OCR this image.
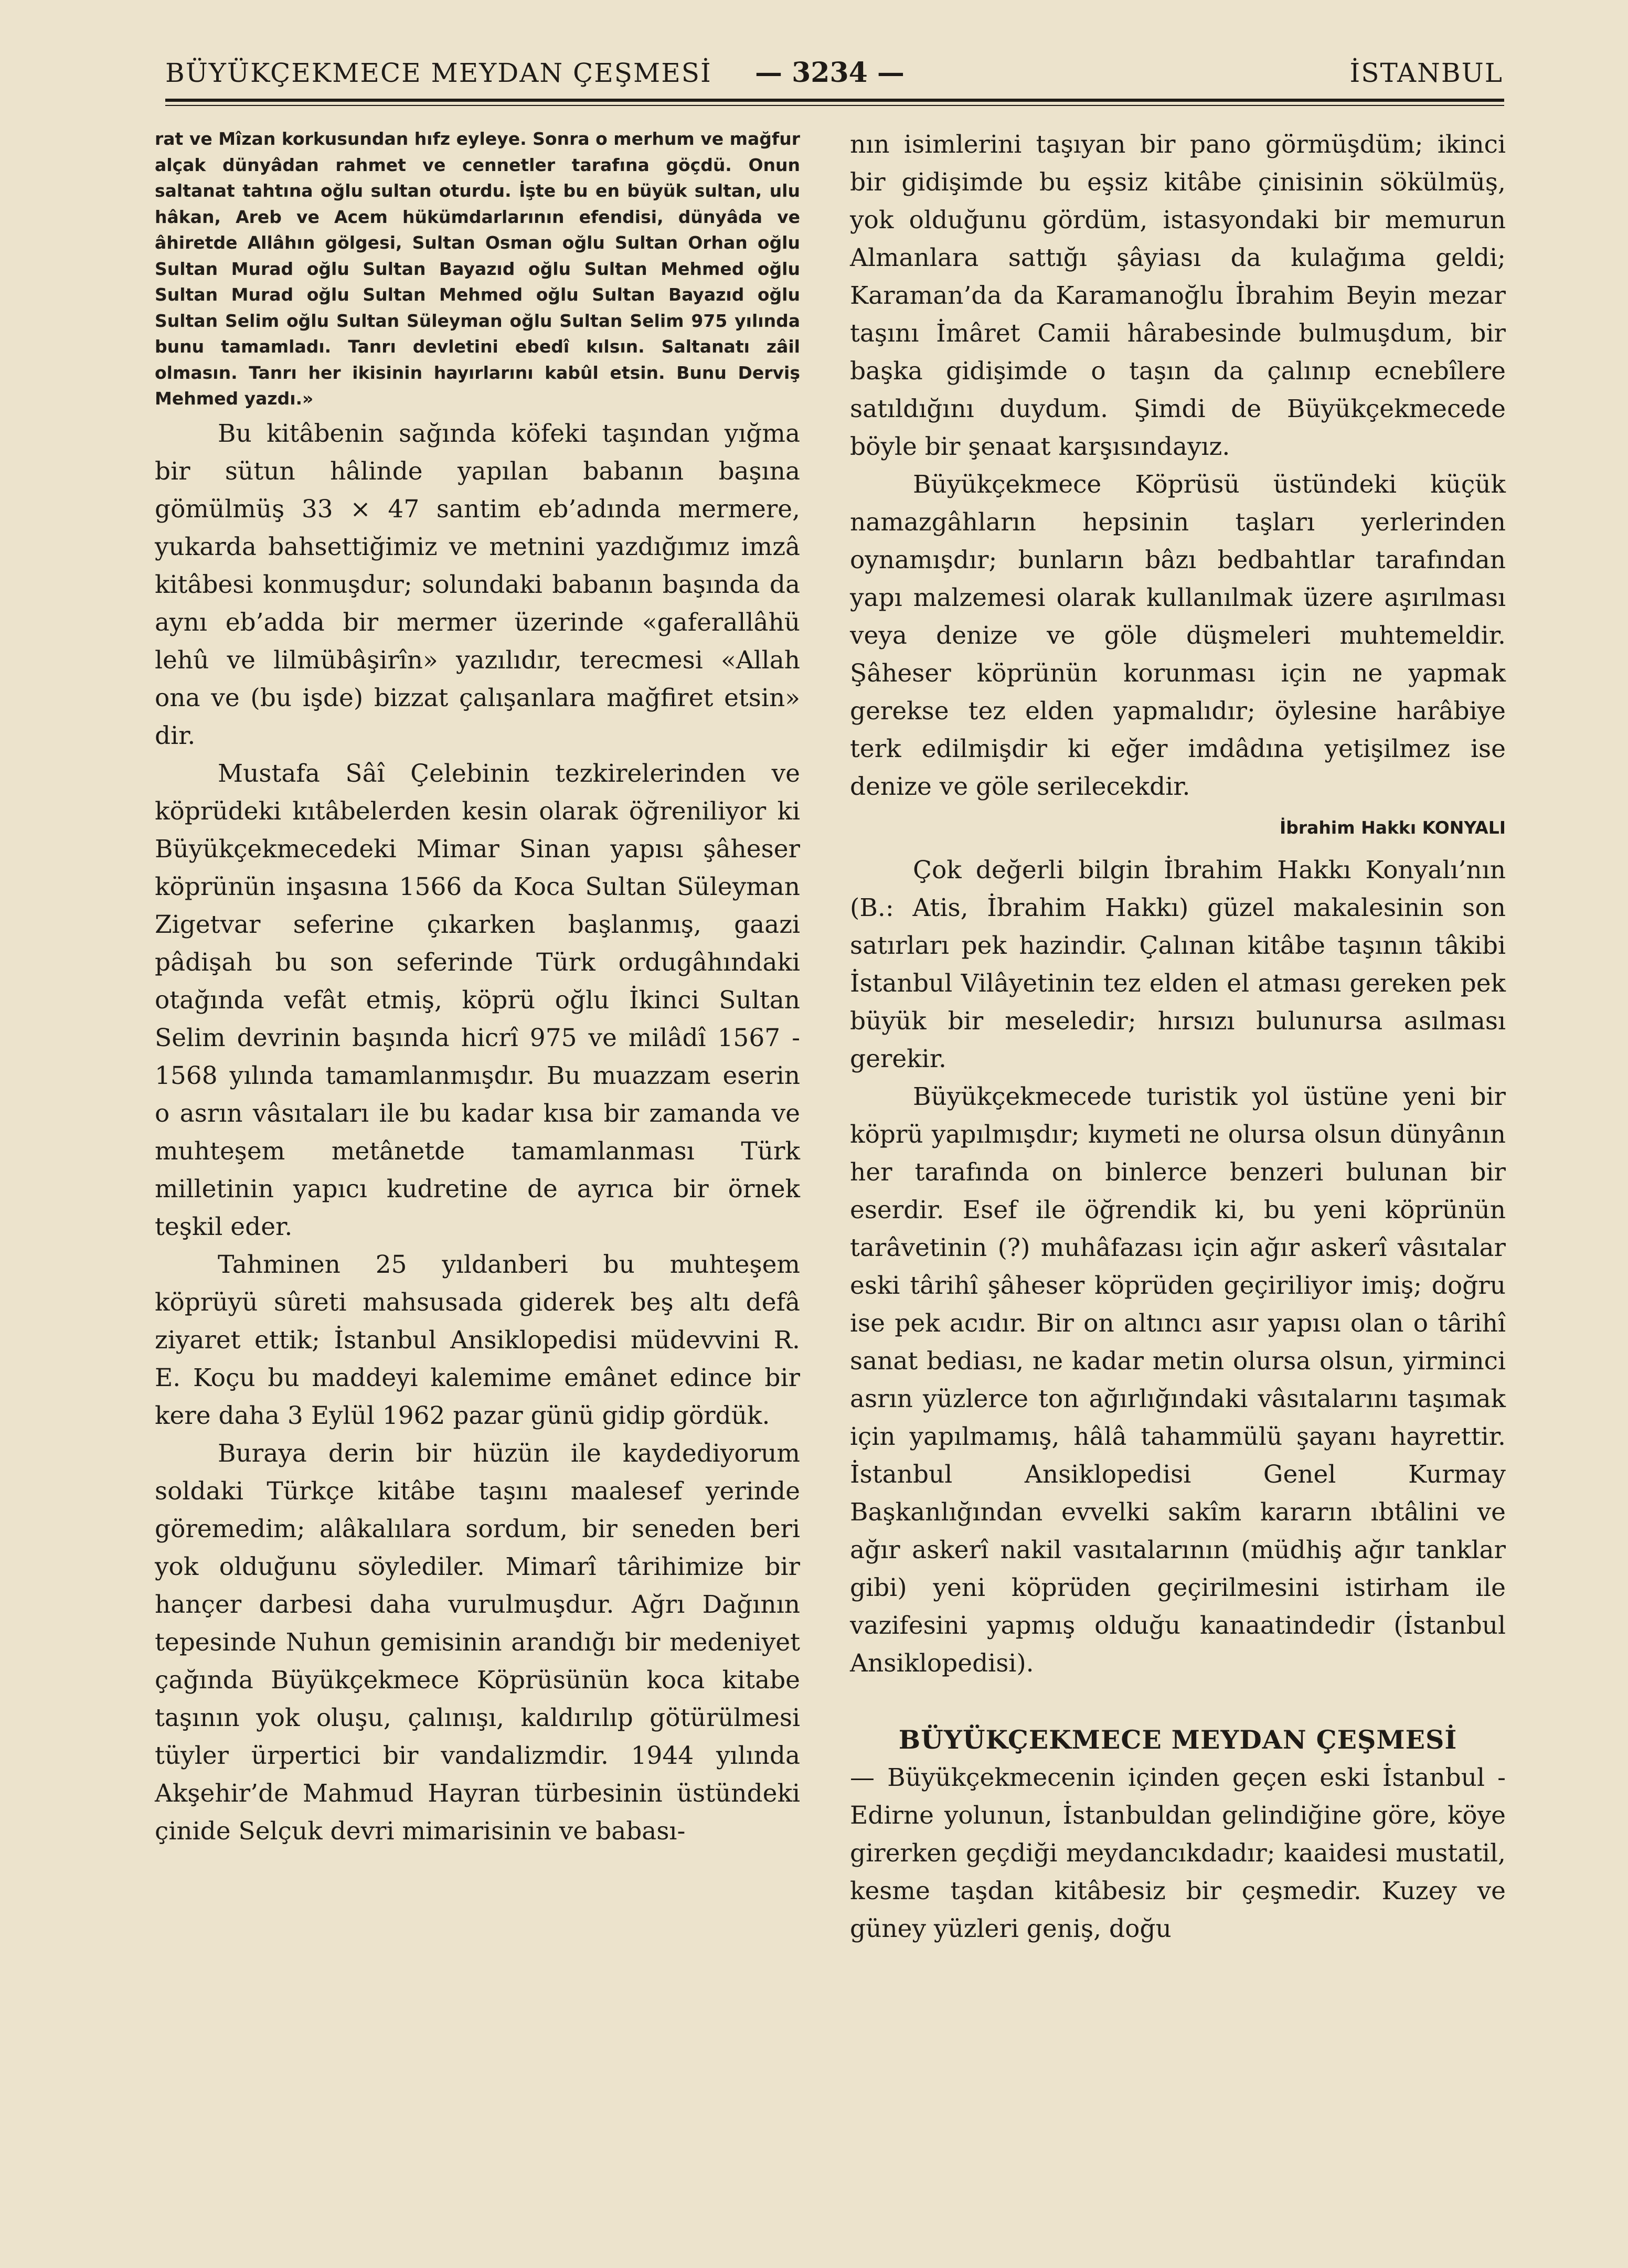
BÜYÜKÇEKMECE MEYDAN ÇEŞMESİ — 3234 —	İSTANBUL

rat ve Mîzan korkusundan hıfz eyleye. Sonra o merhum ve mağfur alçak dünyâdan rahmet ve cennetler tarafına göçdü. Onun saltanat tahtına oğlu sultan oturdu. İşte bu en büyük sultan, ulu hâkan, Areb ve Acem hükümdarlarının efendisi, dünyâda ve âhiretde Allâhın gölgesi, Sultan Osman oğlu Sultan Orhan oğlu Sultan Murad oğlu Sultan Bayazıd oğlu Sultan Mehmed oğlu Sultan Murad oğlu Sultan Mehmed oğlu Sultan Bayazıd oğlu Sultan Selim oğlu Sultan Süleyman oğlu Sultan Selim 975 yılında bunu tamamladı. Tanrı devletini ebedî kılsın. Saltanatı zâil olmasın. Tanrı her ikisinin hayırlarını kabûl etsin. Bunu Derviş Mehmed yazdı.»

Bu kitâbenin sağında köfeki taşından yığma bir sütun hâlinde yapılan babanın başına gömülmüş 33 × 47 santim eb’adında mermere, yukarda bahsettiğimiz ve metnini yazdığımız imzâ kitâbesi konmuşdur; solundaki babanın başında da aynı eb’adda bir mermer üzerinde «gaferallâhü lehû ve lilmübâşirîn» yazılıdır, terecmesi «Allah ona ve (bu işde) bizzat çalışanlara mağfiret etsin» dir.

Mustafa Sâî Çelebinin tezkirelerinden ve köprüdeki kıtâbelerden kesin olarak öğreniliyor ki Büyükçekmecedeki Mimar Sinan yapısı şâheser köprünün inşasına 1566 da Koca Sultan Süleyman Zigetvar seferine çıkarken başlanmış, gaazi pâdişah bu son seferinde Türk ordugâhındaki otağında vefât etmiş, köprü oğlu İkinci Sultan Selim devrinin başında hicrî 975 ve milâdî 1567 - 1568 yılında tamamlanmışdır. Bu muazzam eserin o asrın vâsıtaları ile bu kadar kısa bir zamanda ve muhteşem metânetde tamamlanması Türk milletinin yapıcı kudretine de ayrıca bir örnek teşkil eder.

Tahminen 25 yıldanberi bu muhteşem köprüyü sûreti mahsusada giderek beş altı defâ ziyaret ettik; İstanbul Ansiklopedisi müdevvini R. E. Koçu bu maddeyi kalemime emânet edince bir kere daha 3 Eylül 1962 pazar günü gidip gördük.

Buraya derin bir hüzün ile kaydediyorum soldaki Türkçe kitâbe taşını maalesef yerinde göremedim; alâkalılara sordum, bir seneden beri yok olduğunu söylediler. Mimarî târihimize bir hançer darbesi daha vurulmuşdur. Ağrı Dağının tepesinde Nuhun gemisinin arandığı bir medeniyet çağında Büyükçekmece Köprüsünün koca kitabe taşının yok oluşu, çalınışı, kaldırılıp götürülmesi tüyler ürpertici bir vandalizmdir. 1944 yılında Akşehir’de Mahmud Hayran türbesinin üstündeki çinide Selçuk devri mimarisinin ve babası-

nın isimlerini taşıyan bir pano görmüşdüm; ikinci bir gidişimde bu eşsiz kitâbe çinisinin sökülmüş, yok olduğunu gördüm, istasyondaki bir memurun Almanlara sattığı şâyiası da kulağıma geldi; Karaman’da da Karamanoğlu İbrahim Beyin mezar taşını İmâret Camii hârabesinde bulmuşdum, bir başka gidişimde o taşın da çalınıp ecnebîlere satıldığını duydum. Şimdi de Büyükçekmecede böyle bir şenaat karşısındayız.

Büyükçekmece Köprüsü üstündeki küçük namazgâhların hepsinin taşları yerlerinden oynamışdır; bunların bâzı bedbahtlar tarafından yapı malzemesi olarak kullanılmak üzere aşırılması veya denize ve göle düşmeleri muhtemeldir. Şâheser köprünün korunması için ne yapmak gerekse tez elden yapmalıdır; öylesine harâbiye terk edilmişdir ki eğer imdâdına yetişilmez ise denize ve göle serilecekdir.

İbrahim Hakkı KONYALI

Çok değerli bilgin İbrahim Hakkı Konyalı’nın (B.: Atis, İbrahim Hakkı) güzel makalesinin son satırları pek hazindir. Çalınan kitâbe taşının tâkibi İstanbul Vilâyetinin tez elden el atması gereken pek büyük bir meseledir; hırsızı bulunursa asılması gerekir.

Büyükçekmecede turistik yol üstüne yeni bir köprü yapılmışdır; kıymeti ne olursa olsun dünyânın her tarafında on binlerce benzeri bulunan bir eserdir. Esef ile öğrendik ki, bu yeni köprünün tarâvetinin (?) muhâfazası için ağır askerî vâsıtalar eski târihî şâheser köprüden geçiriliyor imiş; doğru ise pek acıdır. Bir on altıncı asır yapısı olan o târihî sanat bediası, ne kadar metin olursa olsun, yirminci asrın yüzlerce ton ağırlığındaki vâsıtalarını taşımak için yapılmamış, hâlâ tahammülü şayanı hayrettir. İstanbul Ansiklopedisi Genel Kurmay Başkanlığından evvelki sakîm kararın ıbtâlini ve ağır askerî nakil vasıtalarının (müdhiş ağır tanklar gibi) yeni köprüden geçirilmesini istirham ile vazifesini yapmış olduğu kanaatindedir (İstanbul Ansiklopedisi).

BÜYÜKÇEKMECE MEYDAN ÇEŞMESİ

— Büyükçekmecenin içinden geçen eski İstanbul - Edirne yolunun, İstanbuldan gelindiğine göre, köye girerken geçdiği meydancıkdadır; kaaidesi mustatil, kesme taşdan kitâbesiz bir çeşmedir. Kuzey ve güney yüzleri geniş, doğu
